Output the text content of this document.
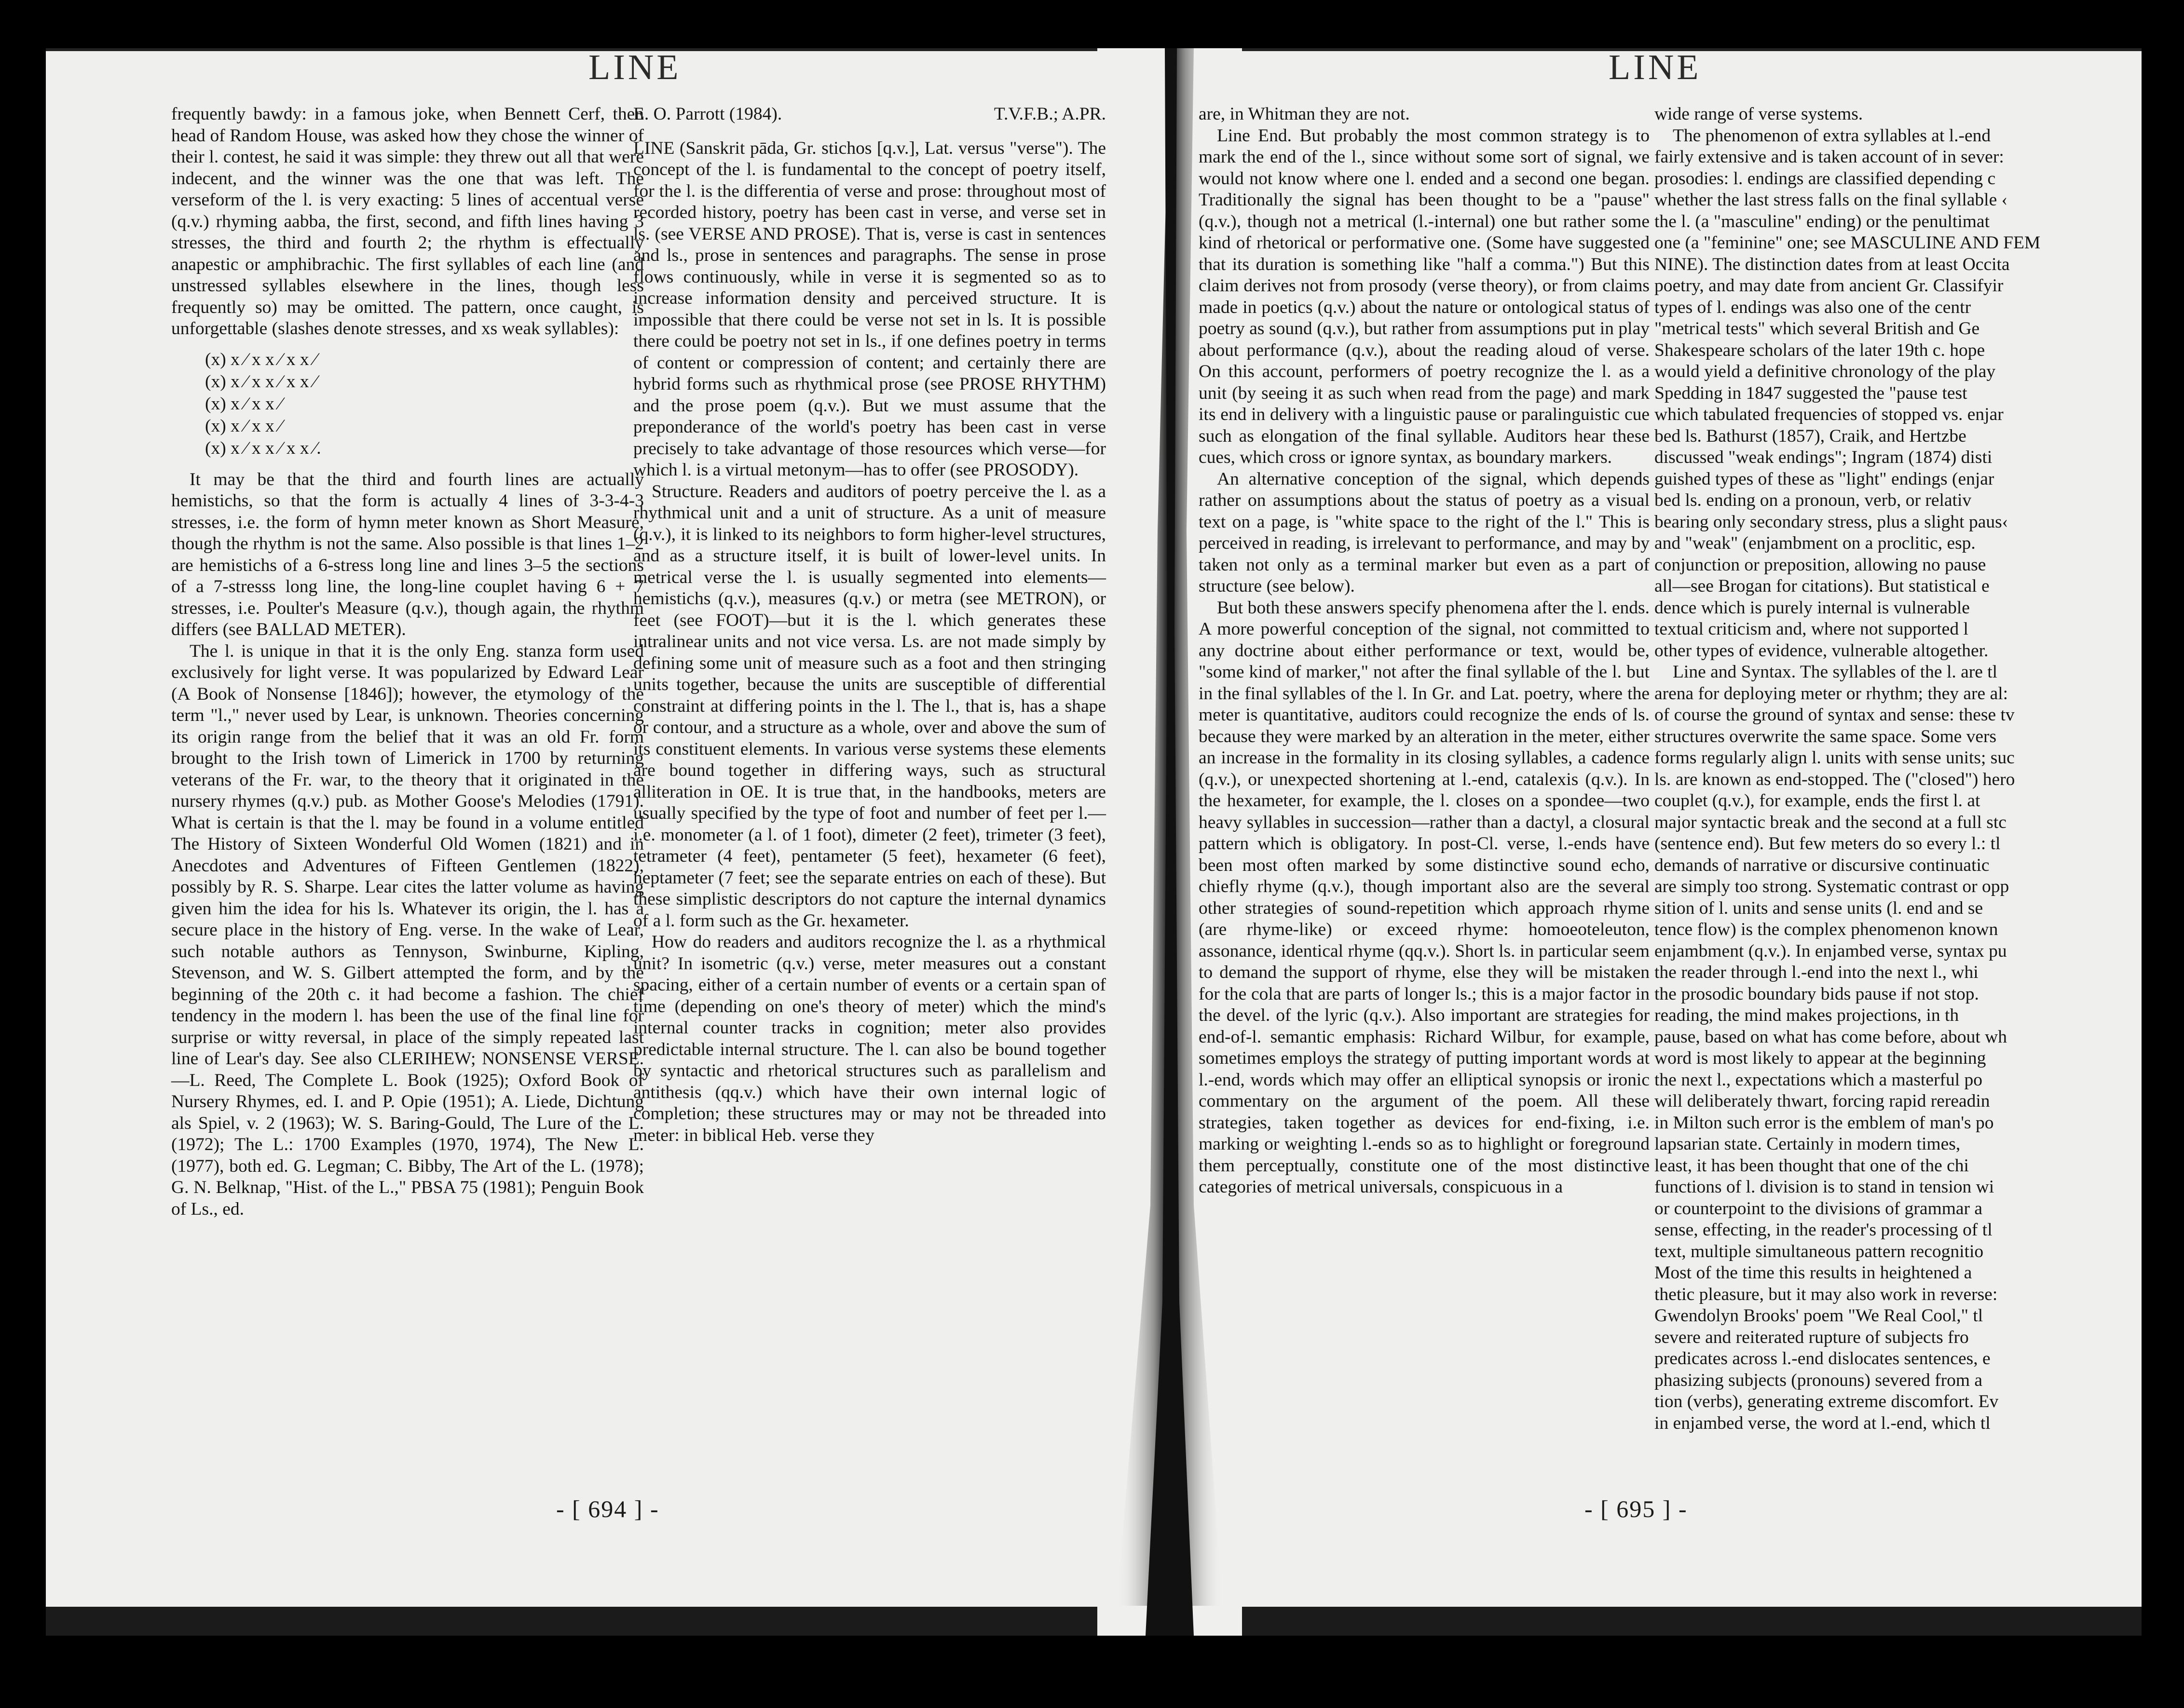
LINE

frequently bawdy: in a famous joke, when Bennett Cerf, then head of Random House, was asked how they chose the winner of their l. contest, he said it was simple: they threw out all that were indecent, and the winner was the one that was left. The verseform of the l. is very exacting: 5 lines of accentual verse (q.v.) rhyming aabba, the first, second, and fifth lines having 3 stresses, the third and fourth 2; the rhythm is effectually anapestic or amphibrachic. The first syllables of each line (and unstressed syllables elsewhere in the lines, though less frequently so) may be omitted. The pattern, once caught, is unforgettable (slashes denote stresses, and xs weak syllables):

(x) x ⁄ x x ⁄ x x ⁄
(x) x ⁄ x x ⁄ x x ⁄
(x) x ⁄ x x ⁄
(x) x ⁄ x x ⁄
(x) x ⁄ x x ⁄ x x ⁄.

It may be that the third and fourth lines are actually hemistichs, so that the form is actually 4 lines of 3-3-4-3 stresses, i.e. the form of hymn meter known as Short Measure, though the rhythm is not the same. Also possible is that lines 1–2 are hemistichs of a 6-stress long line and lines 3–5 the sections of a 7-stresss long line, the long-line couplet having 6 + 7 stresses, i.e. Poulter's Measure (q.v.), though again, the rhythm differs (see BALLAD METER).

The l. is unique in that it is the only Eng. stanza form used exclusively for light verse. It was popularized by Edward Lear (A Book of Nonsense [1846]); however, the etymology of the term "l.," never used by Lear, is unknown. Theories concerning its origin range from the belief that it was an old Fr. form brought to the Irish town of Limerick in 1700 by returning veterans of the Fr. war, to the theory that it originated in the nursery rhymes (q.v.) pub. as Mother Goose's Melodies (1791). What is certain is that the l. may be found in a volume entitled The History of Sixteen Wonderful Old Women (1821) and in Anecdotes and Adventures of Fifteen Gentlemen (1822), possibly by R. S. Sharpe. Lear cites the latter volume as having given him the idea for his ls. Whatever its origin, the l. has a secure place in the history of Eng. verse. In the wake of Lear, such notable authors as Tennyson, Swinburne, Kipling, Stevenson, and W. S. Gilbert attempted the form, and by the beginning of the 20th c. it had become a fashion. The chief tendency in the modern l. has been the use of the final line for surprise or witty reversal, in place of the simply repeated last line of Lear's day. See also CLERIHEW; NONSENSE VERSE.—L. Reed, The Complete L. Book (1925); Oxford Book of Nursery Rhymes, ed. I. and P. Opie (1951); A. Liede, Dichtung als Spiel, v. 2 (1963); W. S. Baring-Gould, The Lure of the L. (1972); The L.: 1700 Examples (1970, 1974), The New L. (1977), both ed. G. Legman; C. Bibby, The Art of the L. (1978); G. N. Belknap, "Hist. of the L.," PBSA 75 (1981); Penguin Book of Ls., ed.

E. O. Parrott (1984).	T.V.F.B.; A.PR.

LINE (Sanskrit pāda, Gr. stichos [q.v.], Lat. versus "verse"). The concept of the l. is fundamental to the concept of poetry itself, for the l. is the differentia of verse and prose: throughout most of recorded history, poetry has been cast in verse, and verse set in ls. (see VERSE AND PROSE). That is, verse is cast in sentences and ls., prose in sentences and paragraphs. The sense in prose flows continuously, while in verse it is segmented so as to increase information density and perceived structure. It is impossible that there could be verse not set in ls. It is possible there could be poetry not set in ls., if one defines poetry in terms of content or compression of content; and certainly there are hybrid forms such as rhythmical prose (see PROSE RHYTHM) and the prose poem (q.v.). But we must assume that the preponderance of the world's poetry has been cast in verse precisely to take advantage of those resources which verse—for which l. is a virtual metonym—has to offer (see PROSODY).

Structure. Readers and auditors of poetry perceive the l. as a rhythmical unit and a unit of structure. As a unit of measure (q.v.), it is linked to its neighbors to form higher-level structures, and as a structure itself, it is built of lower-level units. In metrical verse the l. is usually segmented into elements—hemistichs (q.v.), measures (q.v.) or metra (see METRON), or feet (see FOOT)—but it is the l. which generates these intralinear units and not vice versa. Ls. are not made simply by defining some unit of measure such as a foot and then stringing units together, because the units are susceptible of differential constraint at differing points in the l. The l., that is, has a shape or contour, and a structure as a whole, over and above the sum of its constituent elements. In various verse systems these elements are bound together in differing ways, such as structural alliteration in OE. It is true that, in the handbooks, meters are usually specified by the type of foot and number of feet per l.—i.e. monometer (a l. of 1 foot), dimeter (2 feet), trimeter (3 feet), tetrameter (4 feet), pentameter (5 feet), hexameter (6 feet), heptameter (7 feet; see the separate entries on each of these). But these simplistic descriptors do not capture the internal dynamics of a l. form such as the Gr. hexameter.

How do readers and auditors recognize the l. as a rhythmical unit? In isometric (q.v.) verse, meter measures out a constant spacing, either of a certain number of events or a certain span of time (depending on one's theory of meter) which the mind's internal counter tracks in cognition; meter also provides predictable internal structure. The l. can also be bound together by syntactic and rhetorical structures such as parallelism and antithesis (qq.v.) which have their own internal logic of completion; these structures may or may not be threaded into meter: in biblical Heb. verse they

- [ 694 ] -
LINE

are, in Whitman they are not.

Line End. But probably the most common strategy is to mark the end of the l., since without some sort of signal, we would not know where one l. ended and a second one began. Traditionally the signal has been thought to be a "pause" (q.v.), though not a metrical (l.-internal) one but rather some kind of rhetorical or performative one. (Some have suggested that its duration is something like "half a comma.") But this claim derives not from prosody (verse theory), or from claims made in poetics (q.v.) about the nature or ontological status of poetry as sound (q.v.), but rather from assumptions put in play about performance (q.v.), about the reading aloud of verse. On this account, performers of poetry recognize the l. as a unit (by seeing it as such when read from the page) and mark its end in delivery with a linguistic pause or paralinguistic cue such as elongation of the final syllable. Auditors hear these cues, which cross or ignore syntax, as boundary markers.

An alternative conception of the signal, which depends rather on assumptions about the status of poetry as a visual text on a page, is "white space to the right of the l." This is perceived in reading, is irrelevant to performance, and may by taken not only as a terminal marker but even as a part of structure (see below).

But both these answers specify phenomena after the l. ends. A more powerful conception of the signal, not committed to any doctrine about either performance or text, would be, "some kind of marker," not after the final syllable of the l. but in the final syllables of the l. In Gr. and Lat. poetry, where the meter is quantitative, auditors could recognize the ends of ls. because they were marked by an alteration in the meter, either an increase in the formality in its closing syllables, a cadence (q.v.), or unexpected shortening at l.-end, catalexis (q.v.). In the hexameter, for example, the l. closes on a spondee—two heavy syllables in succession—rather than a dactyl, a closural pattern which is obligatory. In post-Cl. verse, l.-ends have been most often marked by some distinctive sound echo, chiefly rhyme (q.v.), though important also are the several other strategies of sound-repetition which approach rhyme (are rhyme-like) or exceed rhyme: homoeoteleuton, assonance, identical rhyme (qq.v.). Short ls. in particular seem to demand the support of rhyme, else they will be mistaken for the cola that are parts of longer ls.; this is a major factor in the devel. of the lyric (q.v.). Also important are strategies for end-of-l. semantic emphasis: Richard Wilbur, for example, sometimes employs the strategy of putting important words at l.-end, words which may offer an elliptical synopsis or ironic commentary on the argument of the poem. All these strategies, taken together as devices for end-fixing, i.e. marking or weighting l.-ends so as to highlight or foreground them perceptually, constitute one of the most distinctive categories of metrical universals, conspicuous in a

wide range of verse systems.

The phenomenon of extra syllables at l.-end

fairly extensive and is taken account of in sever:

prosodies: l. endings are classified depending c

whether the last stress falls on the final syllable ‹

the l. (a "masculine" ending) or the penultimat

one (a "feminine" one; see MASCULINE AND FEM

NINE). The distinction dates from at least Occita

poetry, and may date from ancient Gr. Classifyir

types of l. endings was also one of the centr

"metrical tests" which several British and Ge

Shakespeare scholars of the later 19th c. hope

would yield a definitive chronology of the play

Spedding in 1847 suggested the "pause test

which tabulated frequencies of stopped vs. enjar

bed ls. Bathurst (1857), Craik, and Hertzbe

discussed "weak endings"; Ingram (1874) disti

guished types of these as "light" endings (enjar

bed ls. ending on a pronoun, verb, or relativ

bearing only secondary stress, plus a slight paus‹

and "weak" (enjambment on a proclitic, esp.

conjunction or preposition, allowing no pause

all—see Brogan for citations). But statistical e

dence which is purely internal is vulnerable

textual criticism and, where not supported l

other types of evidence, vulnerable altogether.

Line and Syntax. The syllables of the l. are tl

arena for deploying meter or rhythm; they are al:

of course the ground of syntax and sense: these tv

structures overwrite the same space. Some vers

forms regularly align l. units with sense units; suc

ls. are known as end-stopped. The ("closed") hero

couplet (q.v.), for example, ends the first l. at

major syntactic break and the second at a full stc

(sentence end). But few meters do so every l.: tl

demands of narrative or discursive continuatic

are simply too strong. Systematic contrast or opp

sition of l. units and sense units (l. end and se

tence flow) is the complex phenomenon known

enjambment (q.v.). In enjambed verse, syntax pu

the reader through l.-end into the next l., whi

the prosodic boundary bids pause if not stop.

reading, the mind makes projections, in th

pause, based on what has come before, about wh

word is most likely to appear at the beginning

the next l., expectations which a masterful po

will deliberately thwart, forcing rapid rereadin

in Milton such error is the emblem of man's po

lapsarian state. Certainly in modern times,

least, it has been thought that one of the chi

functions of l. division is to stand in tension wi

or counterpoint to the divisions of grammar a

sense, effecting, in the reader's processing of tl

text, multiple simultaneous pattern recognitio

Most of the time this results in heightened a

thetic pleasure, but it may also work in reverse:

Gwendolyn Brooks' poem "We Real Cool," tl

severe and reiterated rupture of subjects fro

predicates across l.-end dislocates sentences, e

phasizing subjects (pronouns) severed from a

tion (verbs), generating extreme discomfort. Ev

in enjambed verse, the word at l.-end, which tl

- [ 695 ] -
